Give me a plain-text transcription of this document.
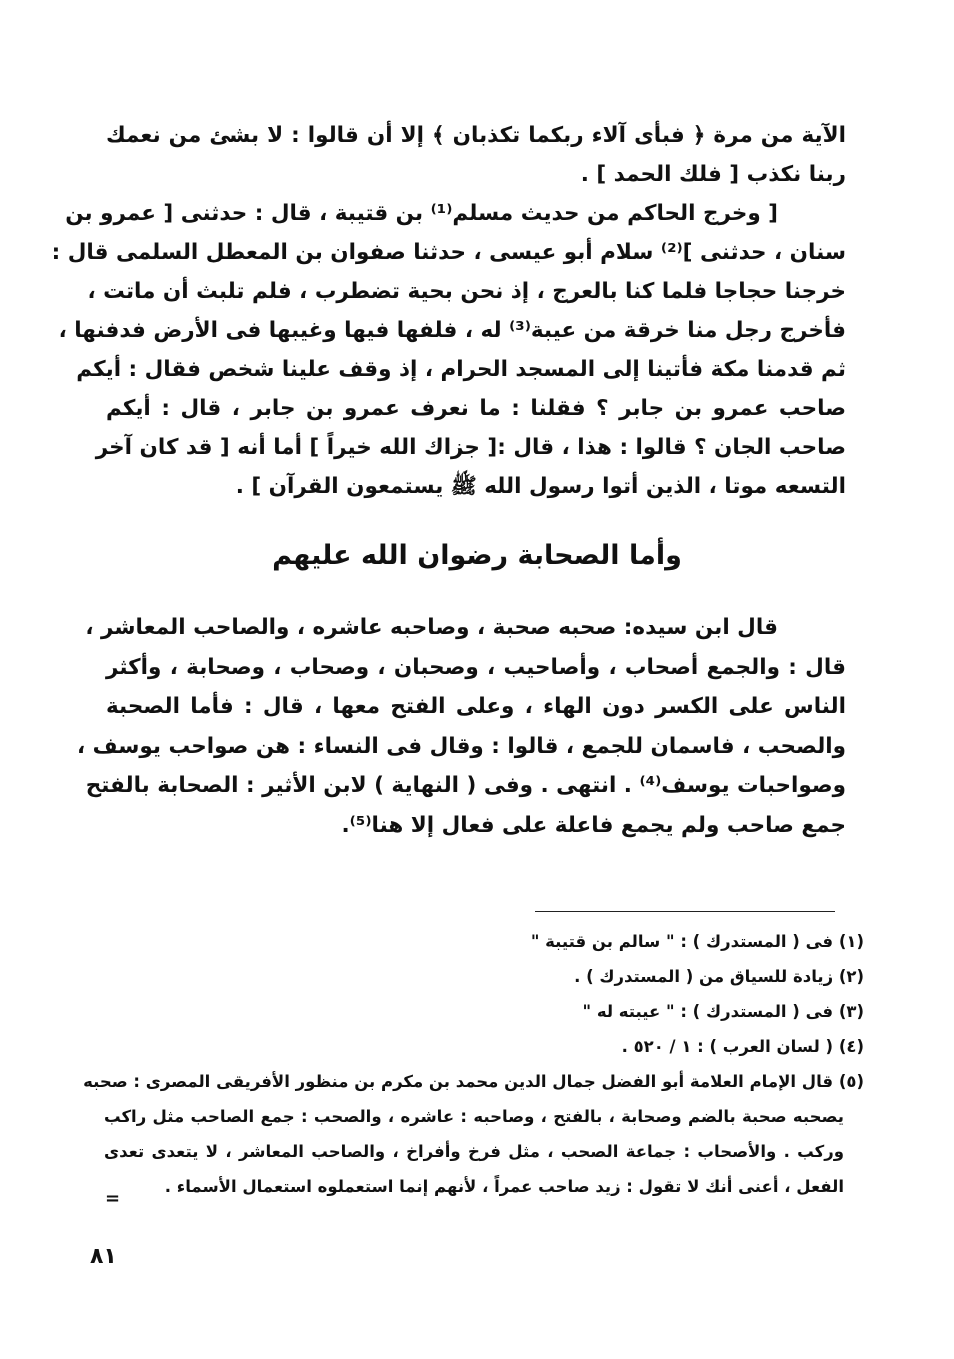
الآية من مرة ﴿ فبأى آلاء ربكما تكذبان ﴾ إلا أن قالوا : لا بشئ من نعمك
ربنا نكذب [ فلك الحمد ] .
[ وخرج الحاكم من حديث مسلم⁽¹⁾ بن قتيبة ، قال : حدثنى [ عمرو بن
سنان ، حدثنى ]⁽²⁾ سلام أبو عيسى ، حدثنا صفوان بن المعطل السلمى قال :
خرجنا حجاجا فلما كنا بالعرج ، إذ نحن بحية تضطرب ، فلم تلبث أن ماتت ،
فأخرج رجل منا خرقة من عيبة⁽³⁾ له ، فلفها فيها وغيبها فى الأرض فدفنها ،
ثم قدمنا مكة فأتينا إلى المسجد الحرام ، إذ وقف علينا شخص فقال : أيكم
صاحب عمرو بن جابر ؟ فقلنا : ما نعرف عمرو بن جابر ، قال : أيكم
صاحب الجان ؟ قالوا : هذا ، قال :[ جزاك الله خيراً ] أما أنه [ قد كان آخر
التسعه موتا ، الذين أتوا رسول الله ﷺ يستمعون القرآن ] .
وأما الصحابة رضوان الله عليهم
قال ابن سيده: صحبه صحبة ، وصاحبه عاشره ، والصاحب المعاشر ،
قال : والجمع أصحاب ، وأصاحيب ، وصحبان ، وصحاب ، وصحابة ، وأكثر
الناس على الكسر دون الهاء ، وعلى الفتح معها ، قال : فأما الصحبة
والصحب ، فاسمان للجمع ، قالوا : وقال فى النساء : هن صواحب يوسف ،
وصواحبات يوسف⁽⁴⁾ . انتهى . وفى ( النهاية ) لابن الأثير : الصحابة بالفتح
جمع صاحب ولم يجمع فاعلة على فعال إلا هنا⁽⁵⁾.
(١) فى ( المستدرك ) : " سالم بن قتيبة "
(٢) زيادة للسياق من ( المستدرك ) .
(٣) فى ( المستدرك ) : " عيبته له "
(٤) ( لسان العرب ) : ١ / ٥٢٠ .
(٥) قال الإمام العلامة أبو الفضل جمال الدين محمد بن مكرم بن منظور الأفريقى المصرى : صحبه
يصحبه صحبة بالضم وصحابة ، بالفتح ، وصاحبه : عاشره ، والصحب : جمع الصاحب مثل راكب
وركب . والأصحاب : جماعة الصحب ، مثل فرخ وأفراخ ، والصاحب المعاشر ، لا يتعدى تعدى
الفعل ، أعنى أنك لا تقول : زيد صاحب عمراً ، لأنهم إنما استعملوه استعمال الأسماء .
=
٨١
